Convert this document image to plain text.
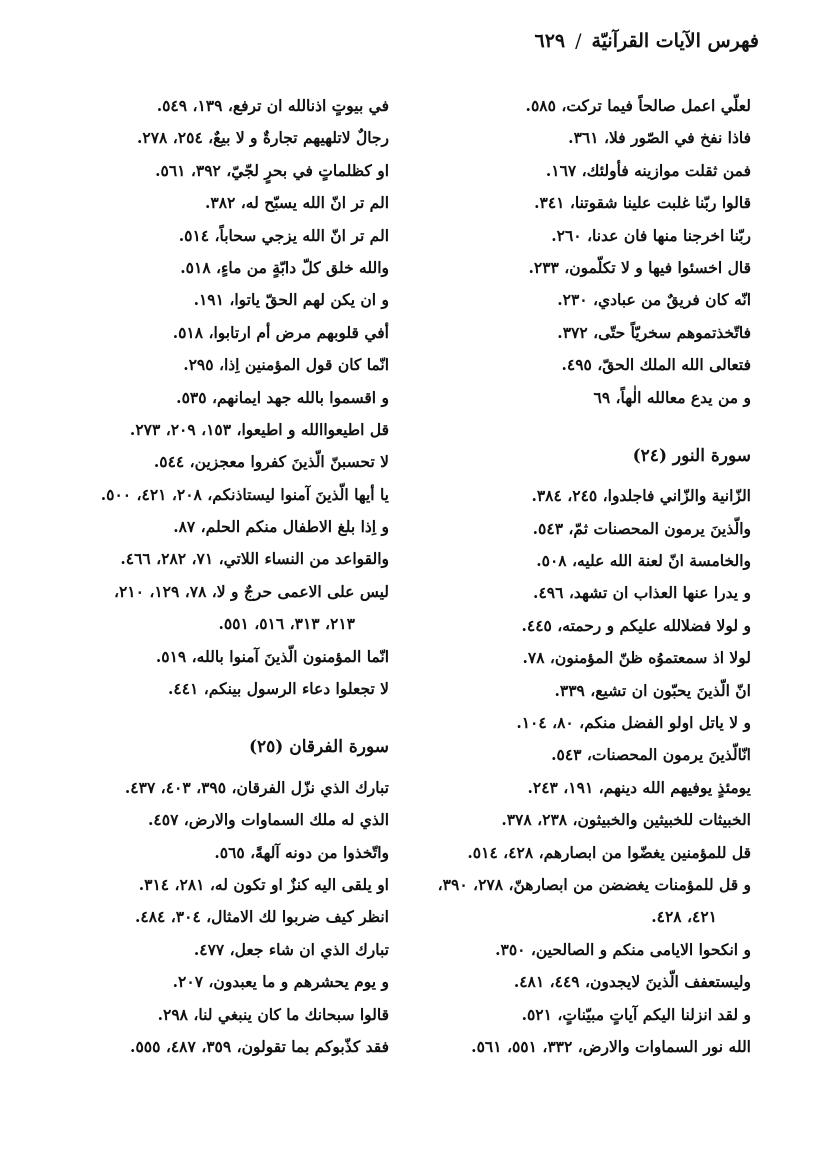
فهرس الآيات القرآنيّة/٦٢٩
لعلّي اعمل صالحاً فيما تركت، ٥٨٥.
فاذا نفخ في الصّور فلا، ٣٦١.
فمن ثقلت موازينه فأولئك، ١٦٧.
قالوا ربّنا غلبت علينا شقوتنا، ٣٤١.
ربّنا اخرجنا منها فان عدنا، ٢٦٠.
قال اخسئوا فيها و لا تكلّمون، ٢٣٣.
انّه كان فريقٌ من عبادي، ٢٣٠.
فاتّخذتموهم سخريّاً حتّى، ٣٧٢.
فتعالى الله الملك الحقّ، ٤٩٥.
و من يدع معالله الٰهاً، ٦٩
سورة النور (٢٤)
الزّانية والزّاني فاجلدوا، ٢٤٥، ٣٨٤.
والّذينَ يرمون المحصنات ثمّ، ٥٤٣.
والخامسة انّ لعنة الله عليه، ٥٠٨.
و يدرا عنها العذاب ان تشهد، ٤٩٦.
و لولا فضلالله عليكم و رحمته، ٤٤٥.
لولا اذ سمعتموُه ظنّ المؤمنون، ٧٨.
انّ الّذينَ يحبّون ان تشيع، ٣٣٩.
و لا ياتل اولو الفضل منكم، ٨٠، ١٠٤.
انّالّذينَ يرمون المحصنات، ٥٤٣.
يومئذٍ يوفيهم الله دينهم، ١٩١، ٢٤٣.
الخبيثات للخبيثين والخبيثون، ٢٣٨، ٣٧٨.
قل للمؤمنين يغضّوا من ابصارهم، ٤٢٨، ٥١٤.
و قل للمؤمنات يغضضن من ابصارهنّ، ٢٧٨، ٣٩٠،
٤٢١، ٤٢٨.
و انكحوا الايامى منكم و الصالحين، ٣٥٠.
وليستعفف الّذينَ لايجدون، ٤٤٩، ٤٨١.
و لقد انزلنا اليكم آياتٍ مبيّناتٍ، ٥٢١.
الله نور السماوات والارض، ٣٣٢، ٥٥١، ٥٦١.
في بيوتٍ اذنالله ان ترفع، ١٣٩، ٥٤٩.
رجالٌ لاتلهيهم تجارةٌ و لا بيعٌ، ٢٥٤، ٢٧٨.
او كظلماتٍ في بحرٍ لجّيّ، ٣٩٢، ٥٦١.
الم تر انّ الله يسبّح له، ٣٨٢.
الم تر انّ الله يزجي سحاباً، ٥١٤.
والله خلق كلّ دابّةٍ من ماءٍ، ٥١٨.
و ان يكن لهم الحقّ ياتوا، ١٩١.
أفي قلوبهم مرض أم ارتابوا، ٥١٨.
انّما كان قول المؤمنين اِذا، ٢٩٥.
و اقسموا بالله جهد ايمانهم، ٥٣٥.
قل اطيعواالله و اطيعوا، ١٥٣، ٢٠٩، ٢٧٣.
لا تحسبنّ الّذينَ كفروا معجزين، ٥٤٤.
يا أيها الّذينَ آمنوا ليستاذنكم، ٢٠٨، ٤٢١، ٥٠٠.
و اِذا بلغ الاطفال منكم الحلم، ٨٧.
والقواعد من النساء اللاتي، ٧١، ٢٨٢، ٤٦٦.
ليس على الاعمى حرجٌ و لا، ٧٨، ١٢٩، ٢١٠،
٢١٣، ٣١٣، ٥١٦، ٥٥١.
انّما المؤمنون الّذينَ آمنوا بالله، ٥١٩.
لا تجعلوا دعاء الرسول بينكم، ٤٤١.
سورة الفرقان (٢٥)
تبارك الذي نزّل الفرقان، ٣٩٥، ٤٠٣، ٤٣٧.
الذي له ملك السماوات والارض، ٤٥٧.
واتّخذوا من دونه آلهةً، ٥٦٥.
او يلقى اليه كنزٌ او تكون له، ٢٨١، ٣١٤.
انظر كيف ضربوا لك الامثال، ٣٠٤، ٤٨٤.
تبارك الذي ان شاء جعل، ٤٧٧.
و يوم يحشرهم و ما يعبدون، ٢٠٧.
قالوا سبحانك ما كان ينبغي لنا، ٢٩٨.
فقد كذّبوكم بما تقولون، ٣٥٩، ٤٨٧، ٥٥٥.
